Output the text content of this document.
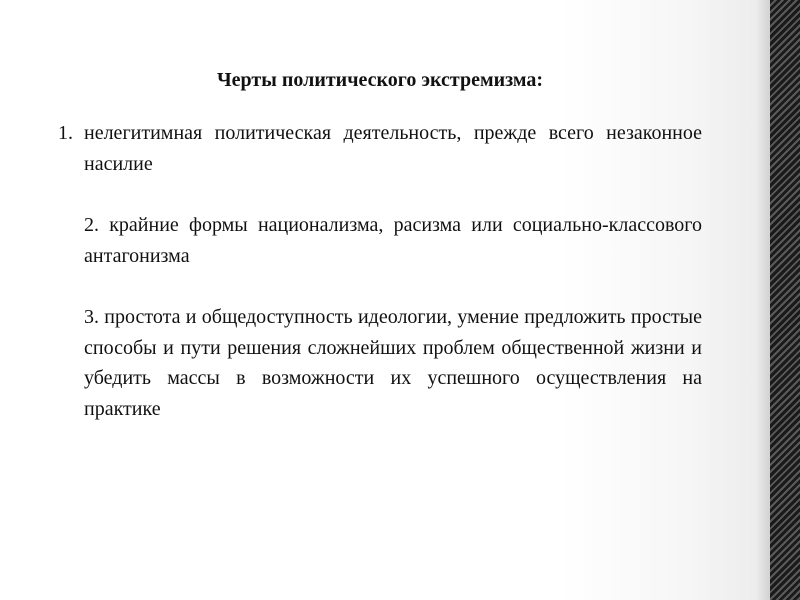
Черты политического экстремизма:
1. нелегитимная политическая деятельность, прежде всего незаконное насилие

2. крайние формы национализма, расизма или социально-классового антагонизма

3. простота и общедоступность идеологии, умение предложить простые способы и пути решения сложнейших проблем общественной жизни и убедить массы в возможности их успешного осуществления на практике
